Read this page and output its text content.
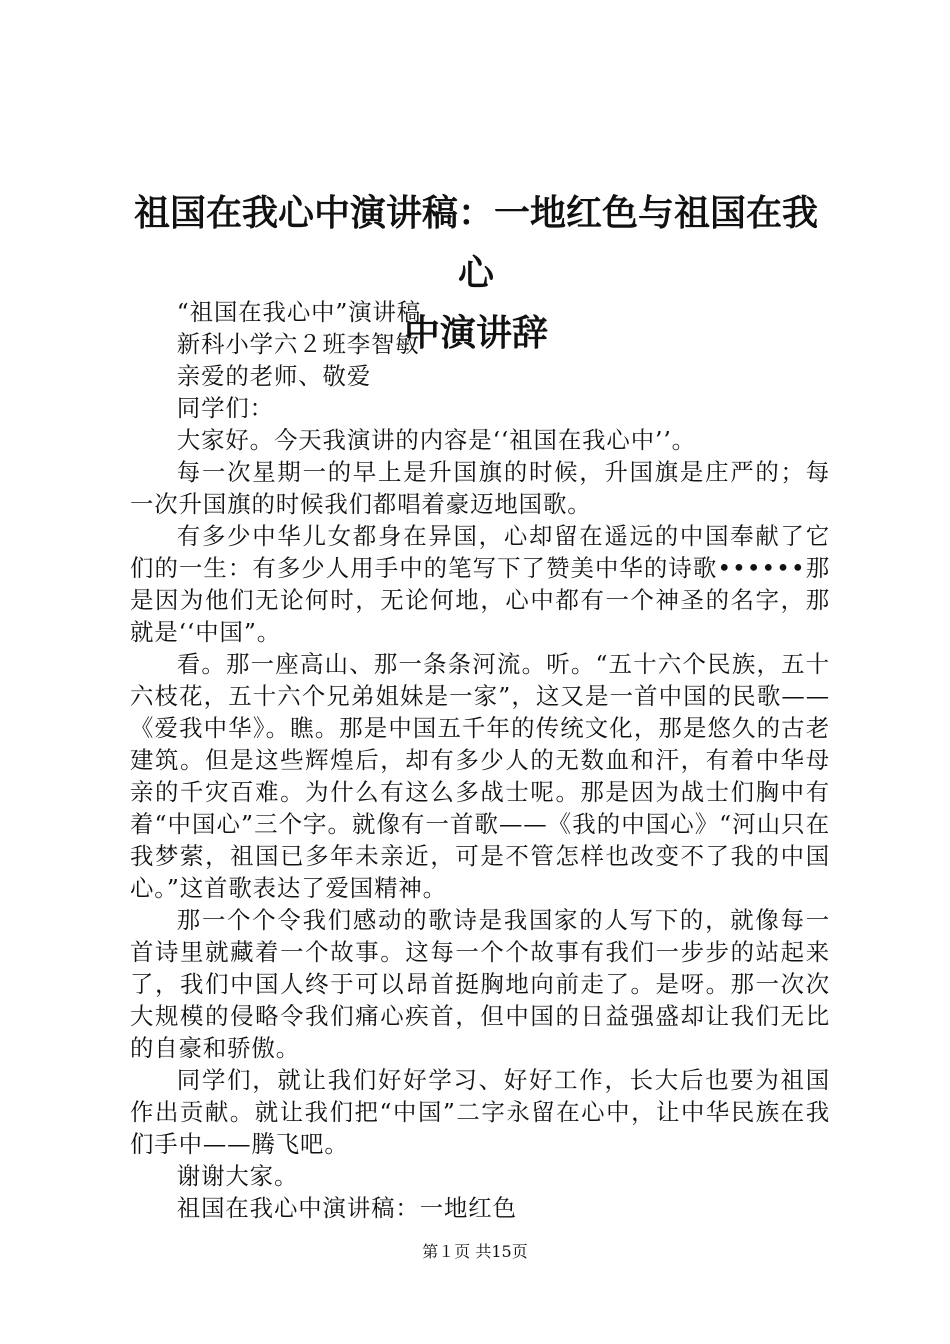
祖国在我心中演讲稿：一地红色与祖国在我心
中演讲辞

“祖国在我心中”演讲稿

新科小学六２班李智敏

亲爱的老师、敬爱

同学们：

大家好。今天我演讲的内容是‘‘祖国在我心中’’。

每一次星期一的早上是升国旗的时候，升国旗是庄严的；每一次升国旗的时候我们都唱着豪迈地国歌。

有多少中华儿女都身在异国，心却留在遥远的中国奉献了它们的一生：有多少人用手中的笔写下了赞美中华的诗歌••••••那是因为他们无论何时，无论何地，心中都有一个神圣的名字，那就是‘‘中国”。

看。那一座高山、那一条条河流。听。“五十六个民族，五十六枝花，五十六个兄弟姐妹是一家”，这又是一首中国的民歌——《爱我中华》。瞧。那是中国五千年的传统文化，那是悠久的古老建筑。但是这些辉煌后，却有多少人的无数血和汗，有着中华母亲的千灾百难。为什么有这么多战士呢。那是因为战士们胸中有着“中国心”三个字。就像有一首歌——《我的中国心》“河山只在我梦萦，祖国已多年未亲近，可是不管怎样也改变不了我的中国心。”这首歌表达了爱国精神。

那一个个令我们感动的歌诗是我国家的人写下的，就像每一首诗里就藏着一个故事。这每一个个故事有我们一步步的站起来了，我们中国人终于可以昂首挺胸地向前走了。是呀。那一次次大规模的侵略令我们痛心疾首，但中国的日益强盛却让我们无比的自豪和骄傲。

同学们，就让我们好好学习、好好工作，长大后也要为祖国作出贡献。就让我们把“中国”二字永留在心中，让中华民族在我们手中——腾飞吧。

谢谢大家。

祖国在我心中演讲稿：一地红色

第１页 共15页
